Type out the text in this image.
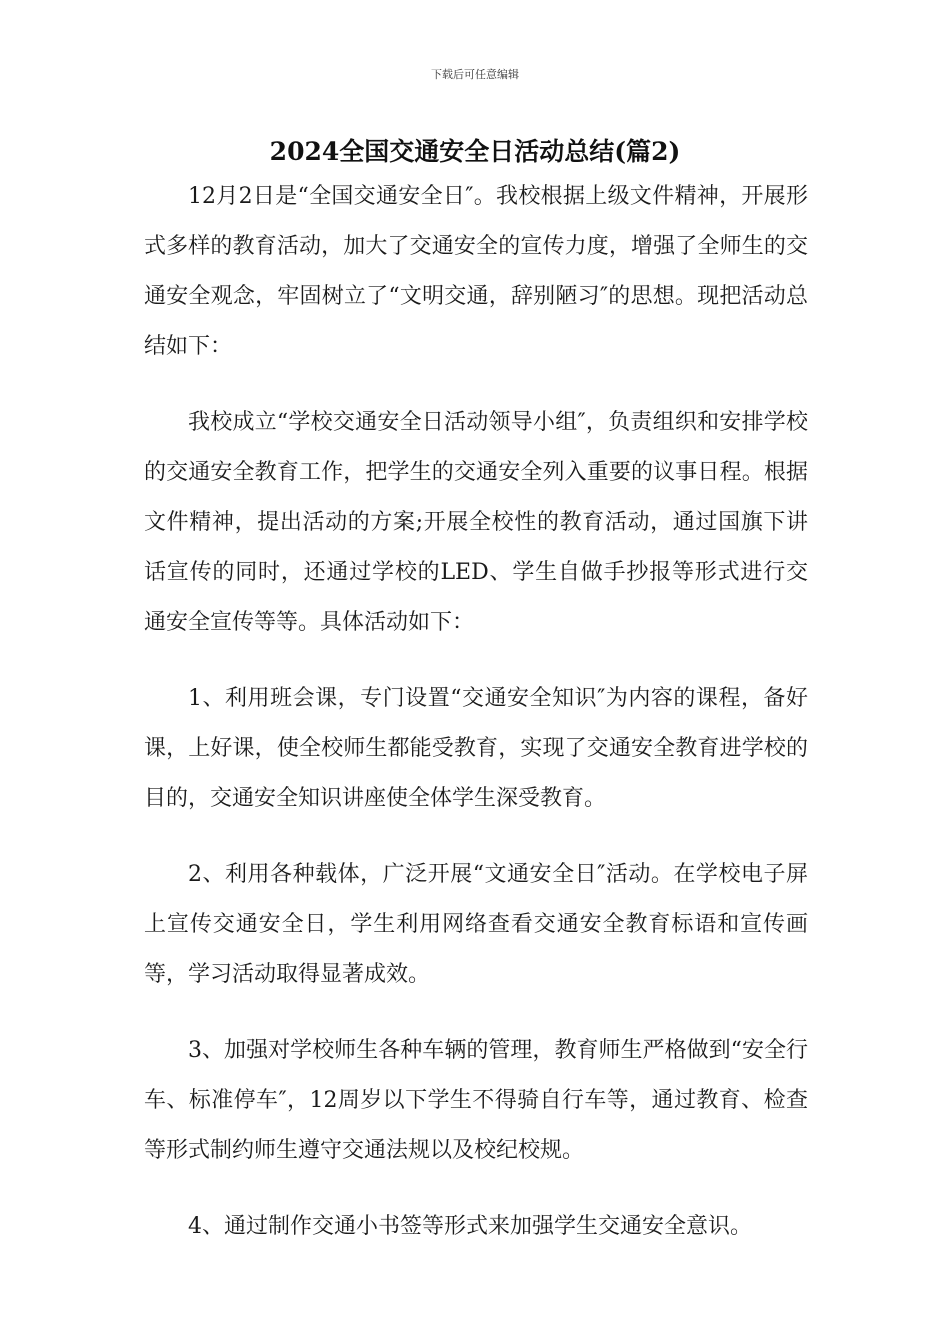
下载后可任意编辑
2024全国交通安全日活动总结(篇2)

12月2日是“全国交通安全日″。我校根据上级文件精神，开展形式多样的教育活动，加大了交通安全的宣传力度，增强了全师生的交通安全观念，牢固树立了“文明交通，辞别陋习″的思想。现把活动总结如下：

我校成立“学校交通安全日活动领导小组″，负责组织和安排学校的交通安全教育工作，把学生的交通安全列入重要的议事日程。根据文件精神，提出活动的方案;开展全校性的教育活动，通过国旗下讲话宣传的同时，还通过学校的LED、学生自做手抄报等形式进行交通安全宣传等等。具体活动如下：

1、利用班会课，专门设置“交通安全知识″为内容的课程，备好课，上好课，使全校师生都能受教育，实现了交通安全教育进学校的目的，交通安全知识讲座使全体学生深受教育。

2、利用各种载体，广泛开展“文通安全日″活动。在学校电子屏上宣传交通安全日，学生利用网络查看交通安全教育标语和宣传画等，学习活动取得显著成效。

3、加强对学校师生各种车辆的管理，教育师生严格做到“安全行车、标准停车″，12周岁以下学生不得骑自行车等，通过教育、检查等形式制约师生遵守交通法规以及校纪校规。

4、通过制作交通小书签等形式来加强学生交通安全意识。
